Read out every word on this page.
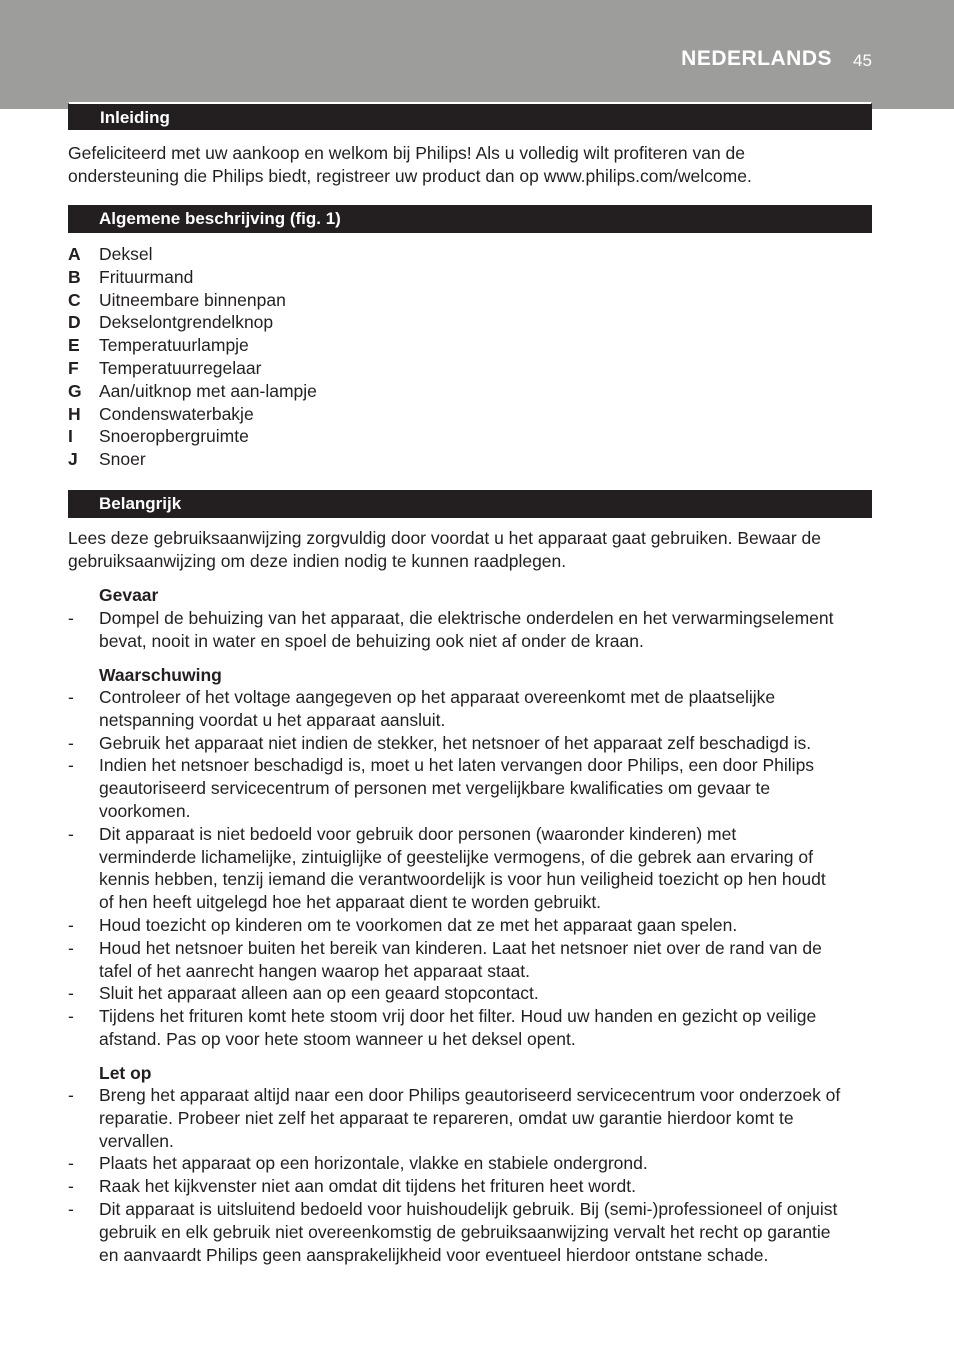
NEDERLANDS 45
Inleiding
Gefeliciteerd met uw aankoop en welkom bij Philips! Als u volledig wilt profiteren van de
ondersteuning die Philips biedt, registreer uw product dan op www.philips.com/welcome.
Algemene beschrijving (fig. 1)
A Deksel
B Frituurmand
C Uitneembare binnenpan
D Dekselontgrendelknop
E Temperatuurlampje
F Temperatuurregelaar
G Aan/uitknop met aan-lampje
H Condenswaterbakje
I Snoeropbergruimte
J Snoer
Belangrijk
Lees deze gebruiksaanwijzing zorgvuldig door voordat u het apparaat gaat gebruiken. Bewaar de
gebruiksaanwijzing om deze indien nodig te kunnen raadplegen.
Gevaar
- Dompel de behuizing van het apparaat, die elektrische onderdelen en het verwarmingselement
bevat, nooit in water en spoel de behuizing ook niet af onder de kraan.
Waarschuwing
- Controleer of het voltage aangegeven op het apparaat overeenkomt met de plaatselijke
netspanning voordat u het apparaat aansluit.
- Gebruik het apparaat niet indien de stekker, het netsnoer of het apparaat zelf beschadigd is.
- Indien het netsnoer beschadigd is, moet u het laten vervangen door Philips, een door Philips
geautoriseerd servicecentrum of personen met vergelijkbare kwalificaties om gevaar te
voorkomen.
- Dit apparaat is niet bedoeld voor gebruik door personen (waaronder kinderen) met
verminderde lichamelijke, zintuiglijke of geestelijke vermogens, of die gebrek aan ervaring of
kennis hebben, tenzij iemand die verantwoordelijk is voor hun veiligheid toezicht op hen houdt
of hen heeft uitgelegd hoe het apparaat dient te worden gebruikt.
- Houd toezicht op kinderen om te voorkomen dat ze met het apparaat gaan spelen.
- Houd het netsnoer buiten het bereik van kinderen. Laat het netsnoer niet over de rand van de
tafel of het aanrecht hangen waarop het apparaat staat.
- Sluit het apparaat alleen aan op een geaard stopcontact.
- Tijdens het frituren komt hete stoom vrij door het filter. Houd uw handen en gezicht op veilige
afstand. Pas op voor hete stoom wanneer u het deksel opent.
Let op
- Breng het apparaat altijd naar een door Philips geautoriseerd servicecentrum voor onderzoek of
reparatie. Probeer niet zelf het apparaat te repareren, omdat uw garantie hierdoor komt te
vervallen.
- Plaats het apparaat op een horizontale, vlakke en stabiele ondergrond.
- Raak het kijkvenster niet aan omdat dit tijdens het frituren heet wordt.
- Dit apparaat is uitsluitend bedoeld voor huishoudelijk gebruik. Bij (semi-)professioneel of onjuist
gebruik en elk gebruik niet overeenkomstig de gebruiksaanwijzing vervalt het recht op garantie
en aanvaardt Philips geen aansprakelijkheid voor eventueel hierdoor ontstane schade.
